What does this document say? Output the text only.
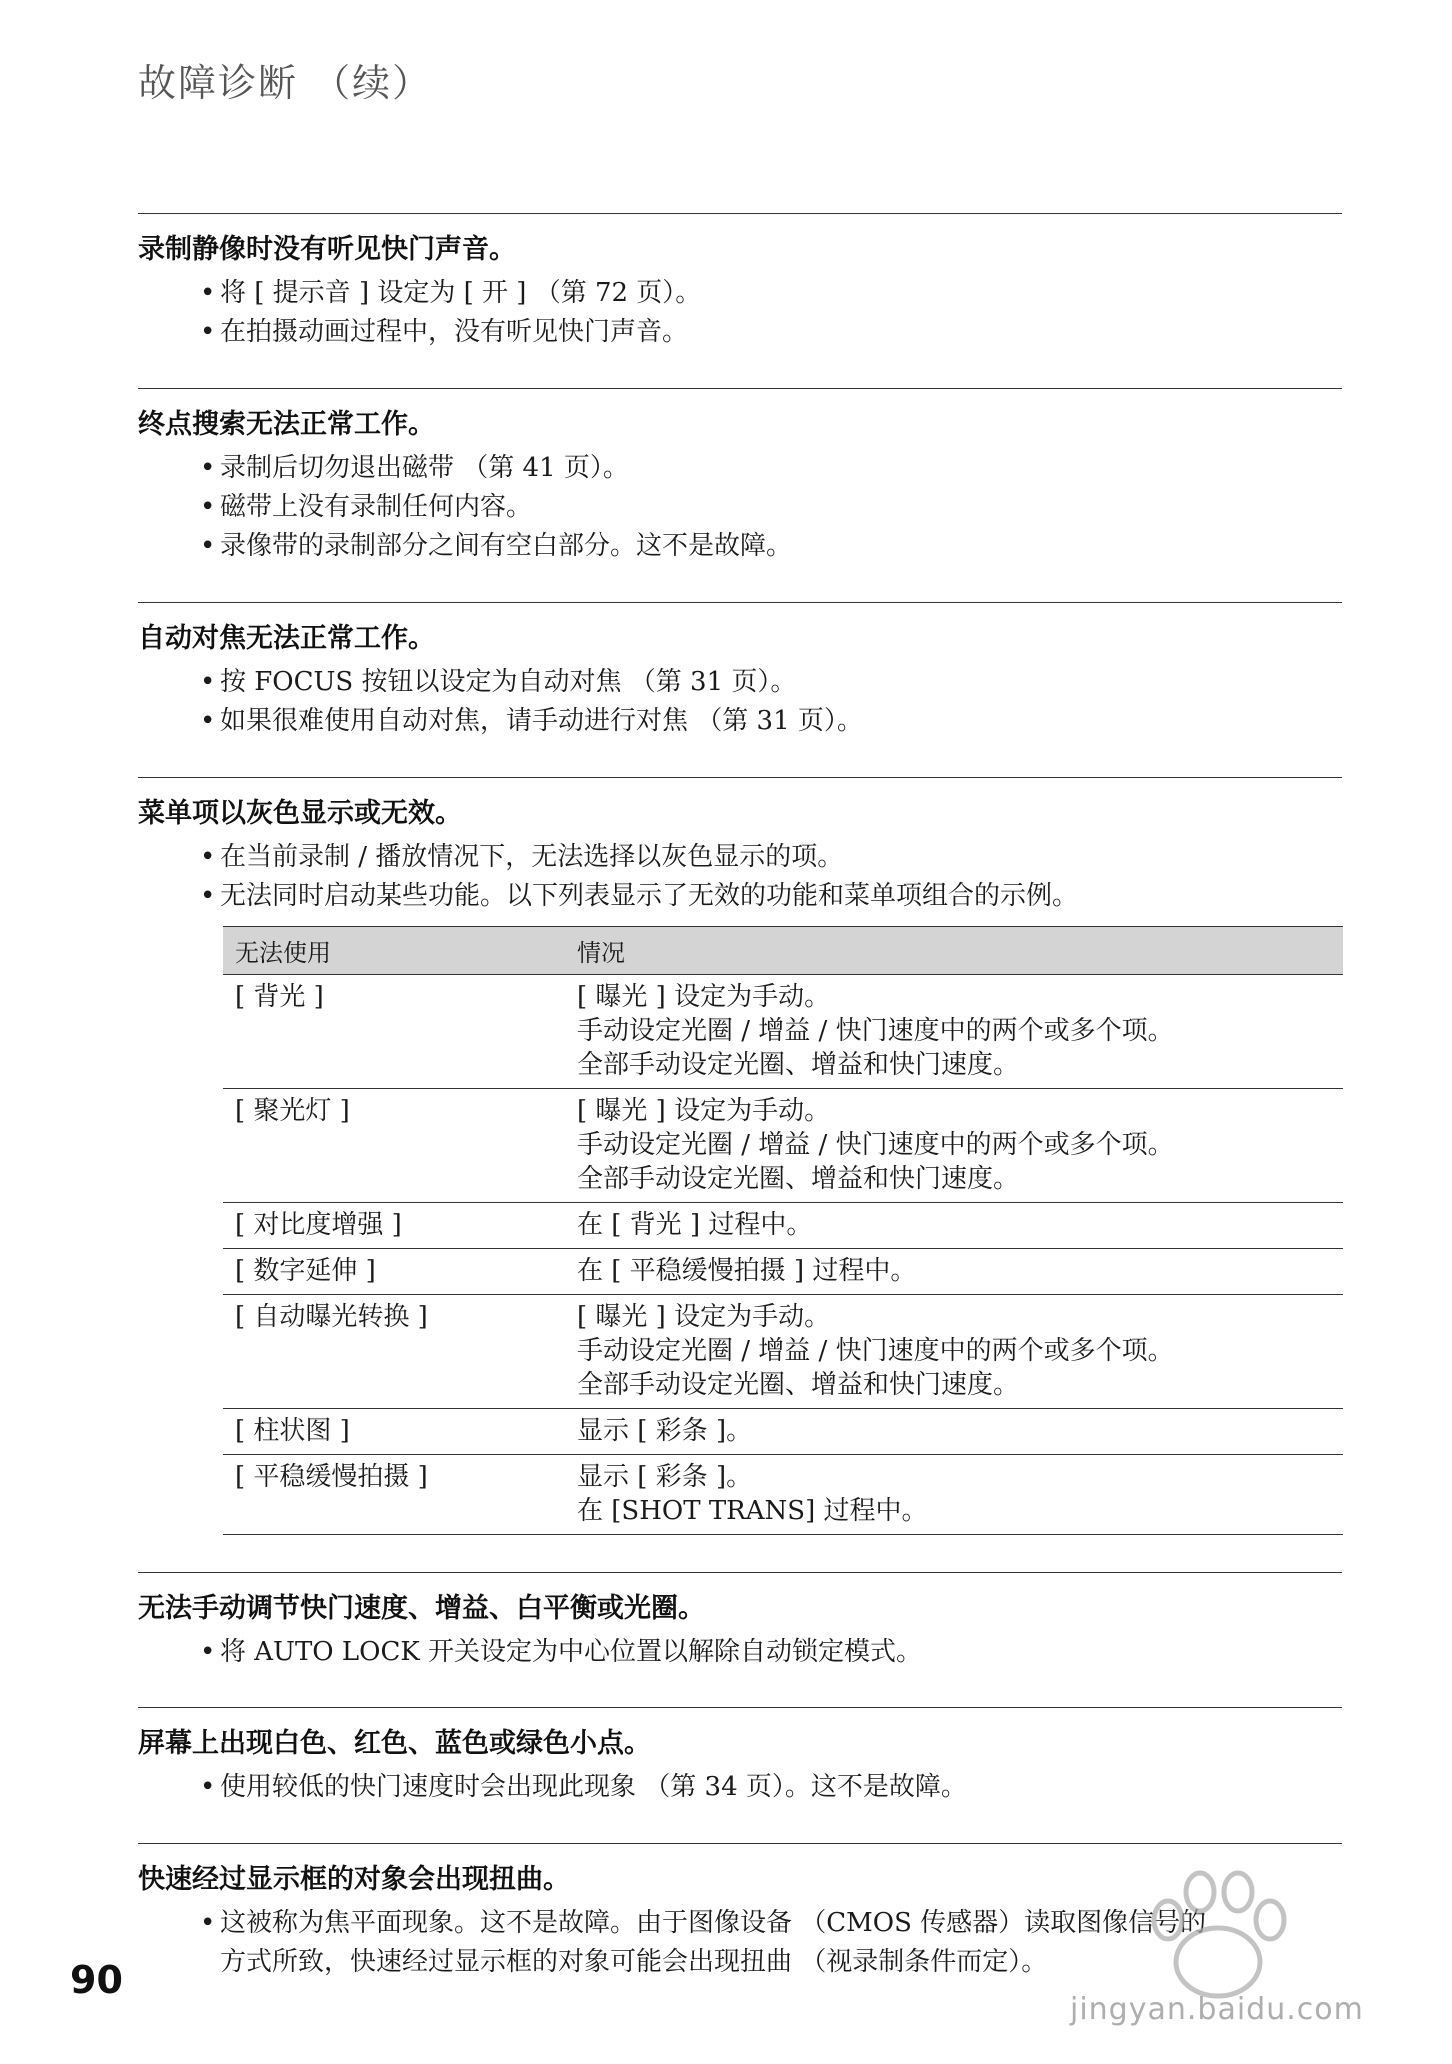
故障诊断 （续）
录制静像时没有听见快门声音。
• 将 [ 提示音 ] 设定为 [ 开 ] （第 72 页）。
• 在拍摄动画过程中，没有听见快门声音。
终点搜索无法正常工作。
• 录制后切勿退出磁带 （第 41 页）。
• 磁带上没有录制任何内容。
• 录像带的录制部分之间有空白部分。这不是故障。
自动对焦无法正常工作。
• 按 FOCUS 按钮以设定为自动对焦 （第 31 页）。
• 如果很难使用自动对焦，请手动进行对焦 （第 31 页）。
菜单项以灰色显示或无效。
• 在当前录制 / 播放情况下，无法选择以灰色显示的项。
• 无法同时启动某些功能。以下列表显示了无效的功能和菜单项组合的示例。
无法使用	情况
[ 背光 ]	[ 曝光 ] 设定为手动。
手动设定光圈 / 增益 / 快门速度中的两个或多个项。
全部手动设定光圈、增益和快门速度。

[ 聚光灯 ]	[ 曝光 ] 设定为手动。
手动设定光圈 / 增益 / 快门速度中的两个或多个项。
全部手动设定光圈、增益和快门速度。

[ 对比度增强 ]	在 [ 背光 ] 过程中。

[ 数字延伸 ]	在 [ 平稳缓慢拍摄 ] 过程中。

[ 自动曝光转换 ]	[ 曝光 ] 设定为手动。
手动设定光圈 / 增益 / 快门速度中的两个或多个项。
全部手动设定光圈、增益和快门速度。

[ 柱状图 ]	显示 [ 彩条 ]。

[ 平稳缓慢拍摄 ]	显示 [ 彩条 ]。
在 [SHOT TRANS] 过程中。
无法手动调节快门速度、增益、白平衡或光圈。
• 将 AUTO LOCK 开关设定为中心位置以解除自动锁定模式。
屏幕上出现白色、红色、蓝色或绿色小点。
• 使用较低的快门速度时会出现此现象 （第 34 页）。这不是故障。
快速经过显示框的对象会出现扭曲。
• 这被称为焦平面现象。这不是故障。由于图像设备 （CMOS 传感器）读取图像信号的
方式所致，快速经过显示框的对象可能会出现扭曲 （视录制条件而定）。
90
jingyan.baidu.com
